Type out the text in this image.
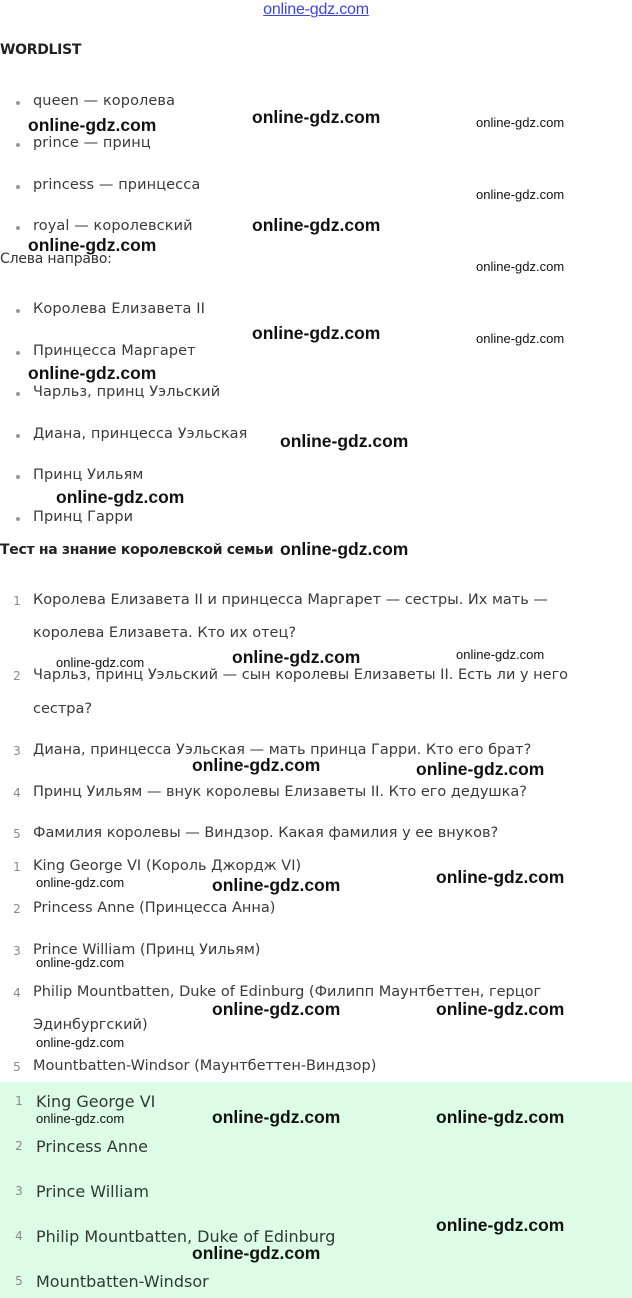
online-gdz.com
WORDLIST
queen — королева
prince — принц
princess — принцесса
royal — королевский
Слева направо:
Королева Елизавета II
Принцесса Маргарет
Чарльз, принц Уэльский
Диана, принцесса Уэльская
Принц Уильям
Принц Гарри
Тест на знание королевской семьи
1 Королева Елизавета II и принцесса Маргарет — сестры. Их мать —
королева Елизавета. Кто их отец?
2 Чарльз, принц Уэльский — сын королевы Елизаветы II. Есть ли у него
сестра?
3 Диана, принцесса Уэльская — мать принца Гарри. Кто его брат?
4 Принц Уильям — внук королевы Елизаветы II. Кто его дедушка?
5 Фамилия королевы — Виндзор. Какая фамилия у ее внуков?
1 King George VI (Король Джордж VI)
2 Princess Anne (Принцесса Анна)
3 Prince William (Принц Уильям)
4 Philip Mountbatten, Duke of Edinburg (Филипп Маунтбеттен, герцог
Эдинбургский)
5 Mountbatten-Windsor (Маунтбеттен-Виндзор)
1 King George VI
2 Princess Anne
3 Prince William
4 Philip Mountbatten, Duke of Edinburg
5 Mountbatten-Windsor
online-gdz.com	online-gdz.com	online-gdz.com
online-gdz.com
online-gdz.com
online-gdz.com
online-gdz.com
online-gdz.com	online-gdz.com
online-gdz.com
online-gdz.com
online-gdz.com
online-gdz.com
online-gdz.com	online-gdz.com	online-gdz.com
online-gdz.com	online-gdz.com
online-gdz.com	online-gdz.com	online-gdz.com
online-gdz.com
online-gdz.com	online-gdz.com
online-gdz.com
online-gdz.com	online-gdz.com	online-gdz.com
online-gdz.com
online-gdz.com
